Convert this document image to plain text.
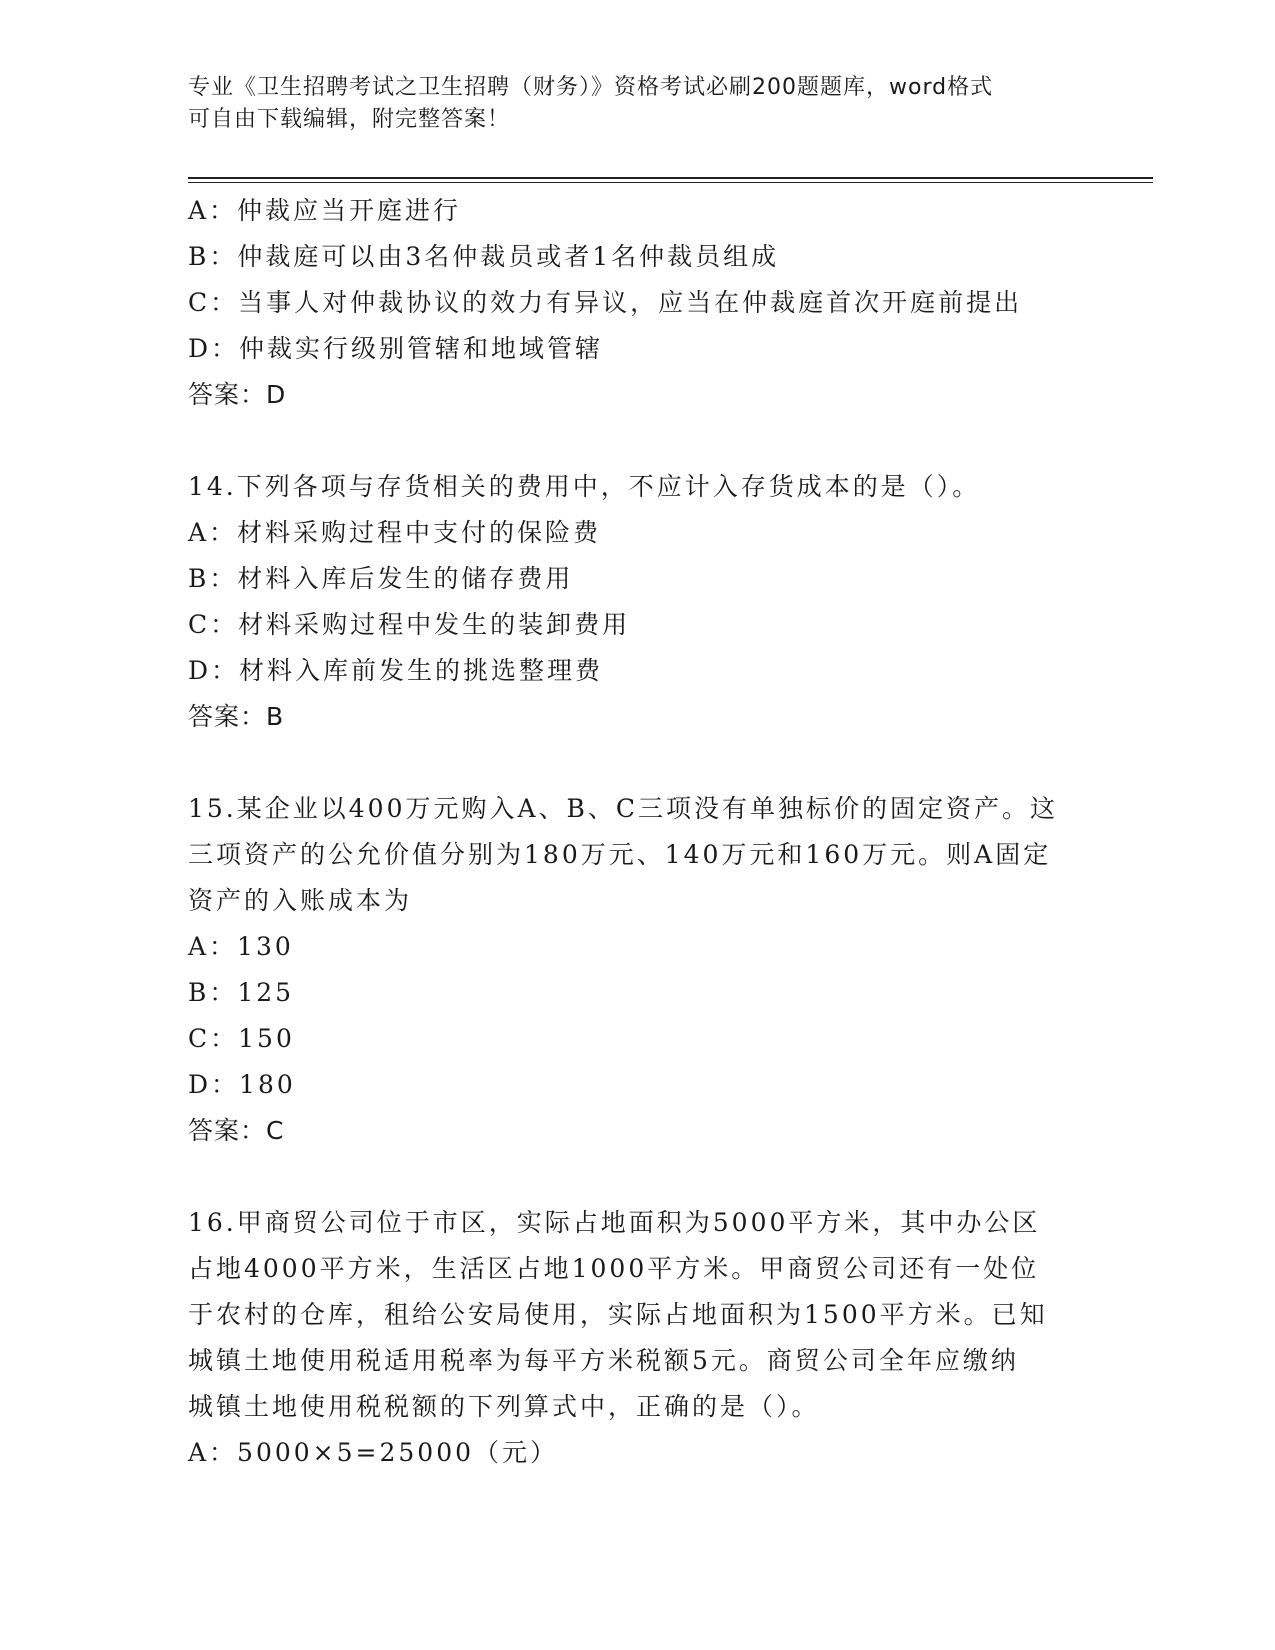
专业《卫生招聘考试之卫生招聘（财务）》资格考试必刷200题题库，word格式
可自由下载编辑，附完整答案！
A：仲裁应当开庭进行
B：仲裁庭可以由3名仲裁员或者1名仲裁员组成
C：当事人对仲裁协议的效力有异议，应当在仲裁庭首次开庭前提出
D：仲裁实行级别管辖和地域管辖
答案：D
14.下列各项与存货相关的费用中，不应计入存货成本的是（）。
A：材料采购过程中支付的保险费
B：材料入库后发生的储存费用
C：材料采购过程中发生的装卸费用
D：材料入库前发生的挑选整理费
答案：B
15.某企业以400万元购入A、B、C三项没有单独标价的固定资产。这
三项资产的公允价值分别为180万元、140万元和160万元。则A固定
资产的入账成本为
A：130
B：125
C：150
D：180
答案：C
16.甲商贸公司位于市区，实际占地面积为5000平方米，其中办公区
占地4000平方米，生活区占地1000平方米。甲商贸公司还有一处位
于农村的仓库，租给公安局使用，实际占地面积为1500平方米。已知
城镇土地使用税适用税率为每平方米税额5元。商贸公司全年应缴纳
城镇土地使用税税额的下列算式中，正确的是（）。
A：5000×5=25000（元）
